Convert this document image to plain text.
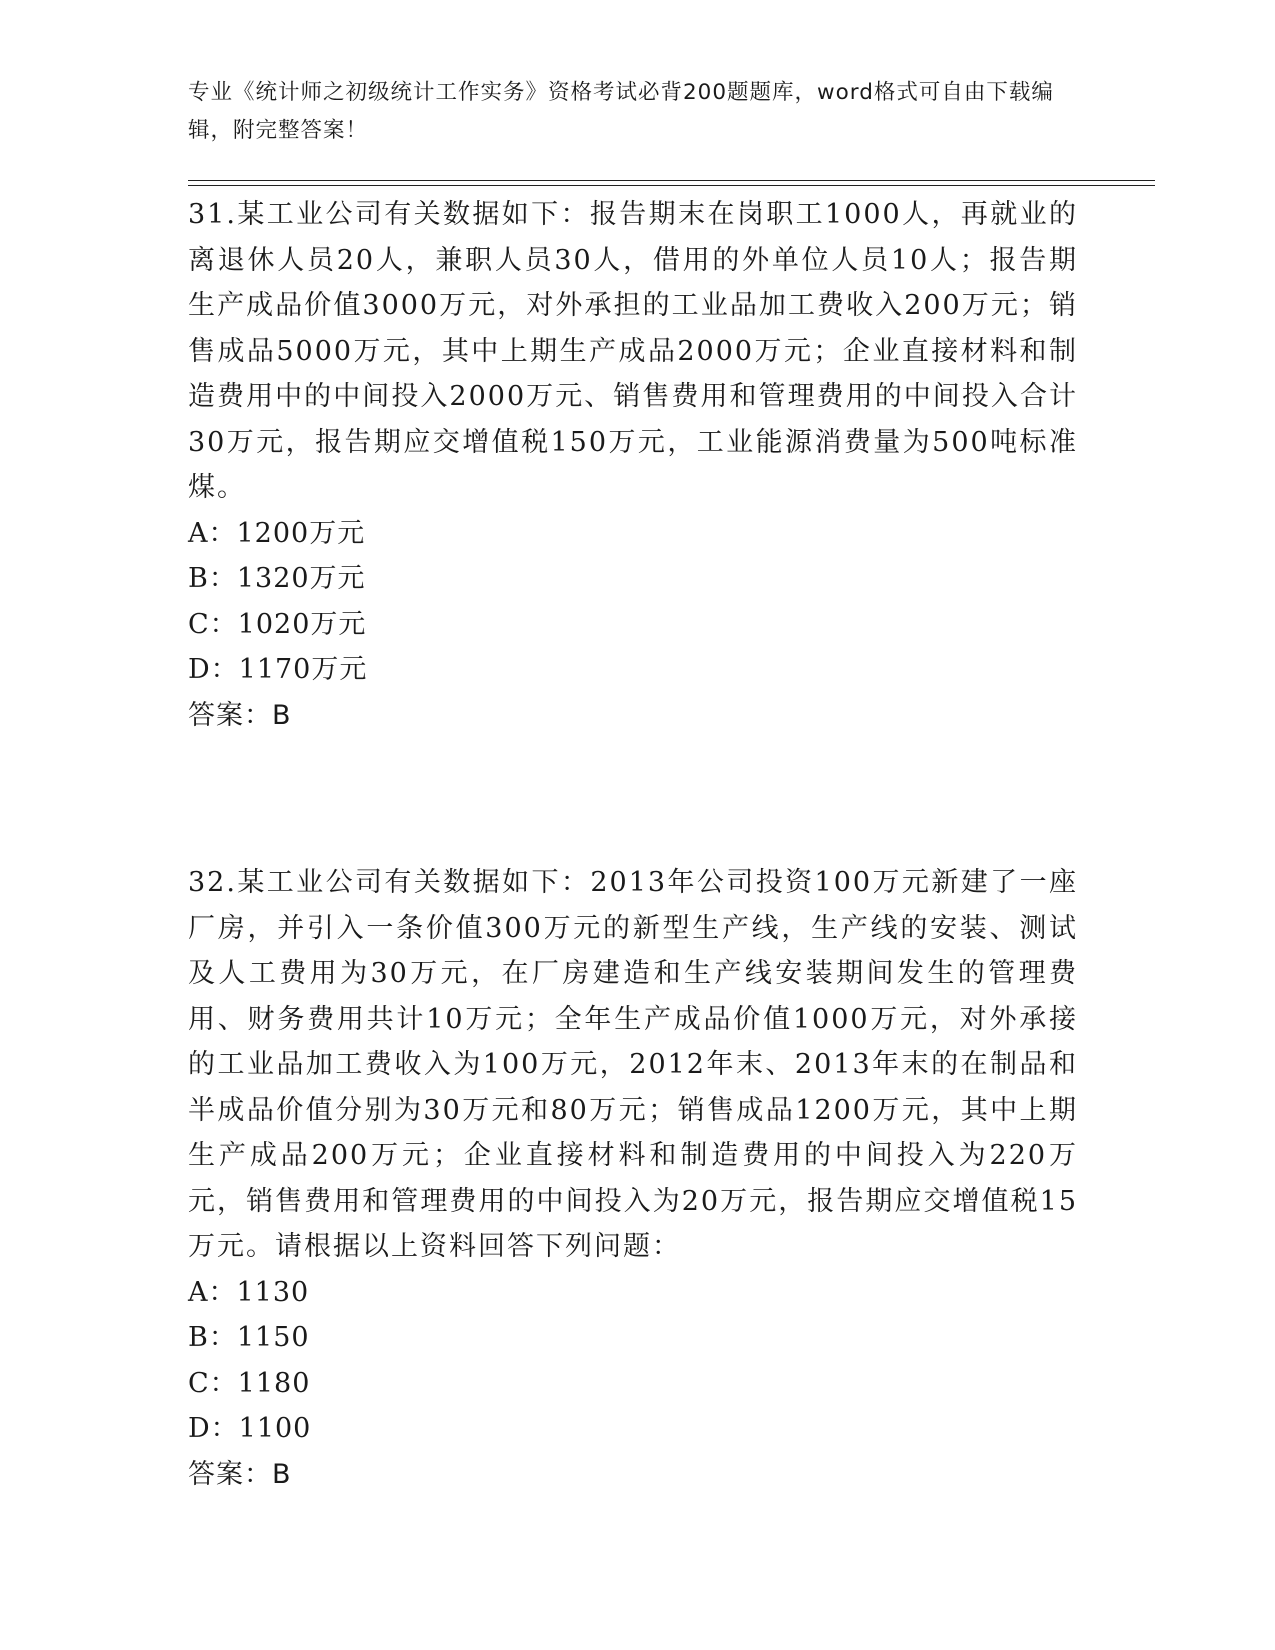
专业《统计师之初级统计工作实务》资格考试必背200题题库，word格式可自由下载编辑，附完整答案！

31.某工业公司有关数据如下：报告期末在岗职工1000人，再就业的离退休人员20人，兼职人员30人，借用的外单位人员10人；报告期生产成品价值3000万元，对外承担的工业品加工费收入200万元；销售成品5000万元，其中上期生产成品2000万元；企业直接材料和制造费用中的中间投入2000万元、销售费用和管理费用的中间投入合计30万元，报告期应交增值税150万元，工业能源消费量为500吨标准煤。

A：1200万元
B：1320万元
C：1020万元
D：1170万元

答案：B

32.某工业公司有关数据如下：2013年公司投资100万元新建了一座厂房，并引入一条价值300万元的新型生产线，生产线的安装、测试及人工费用为30万元，在厂房建造和生产线安装期间发生的管理费用、财务费用共计10万元；全年生产成品价值1000万元，对外承接的工业品加工费收入为100万元，2012年末、2013年末的在制品和半成品价值分别为30万元和80万元；销售成品1200万元，其中上期生产成品200万元；企业直接材料和制造费用的中间投入为220万元，销售费用和管理费用的中间投入为20万元，报告期应交增值税15万元。请根据以上资料回答下列问题：

A：1130
B：1150
C：1180
D：1100

答案：B
